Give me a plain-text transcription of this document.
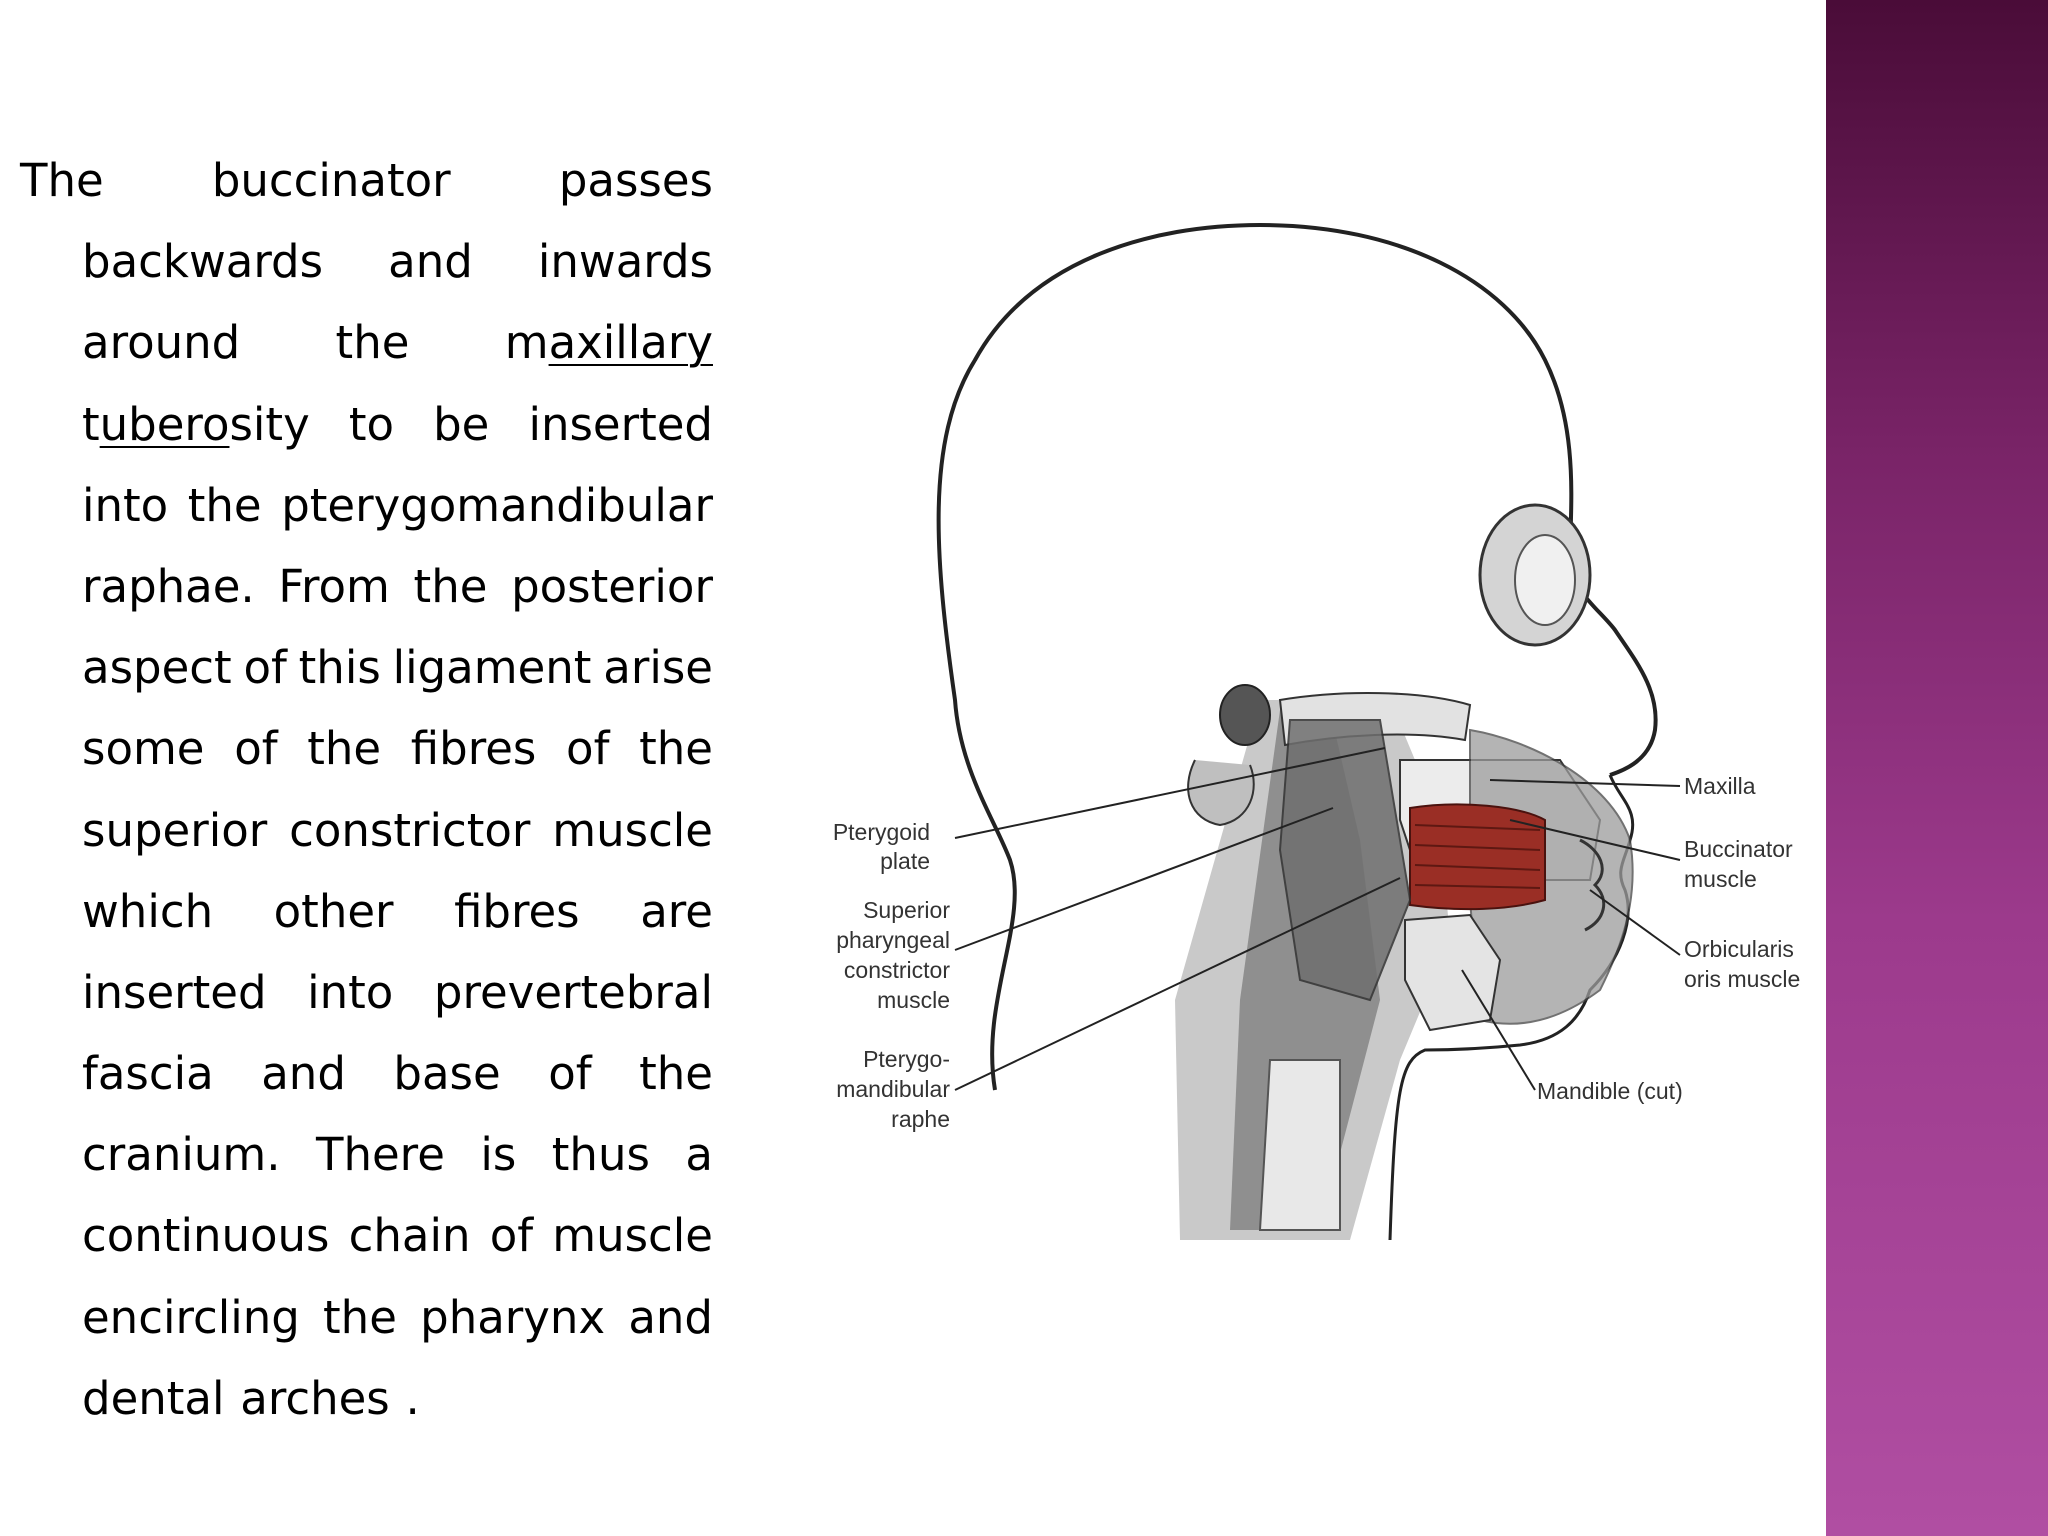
The buccinator passes
backwards and inwards
around the maxillary
tuberosity to be inserted
into the pterygomandibular
raphae. From the posterior
aspect of this ligament arise
some of the fibres of the
superior constrictor muscle
which other fibres are
inserted into prevertebral
fascia and base of the
cranium. There is thus a
continuous chain of muscle
encircling the pharynx and
dental arches .
Pterygoid
plate
Superior
pharyngeal
constrictor
muscle
Pterygo-
mandibular
raphe
Maxilla
Buccinator
muscle
Orbicularis
oris muscle
Mandible (cut)
